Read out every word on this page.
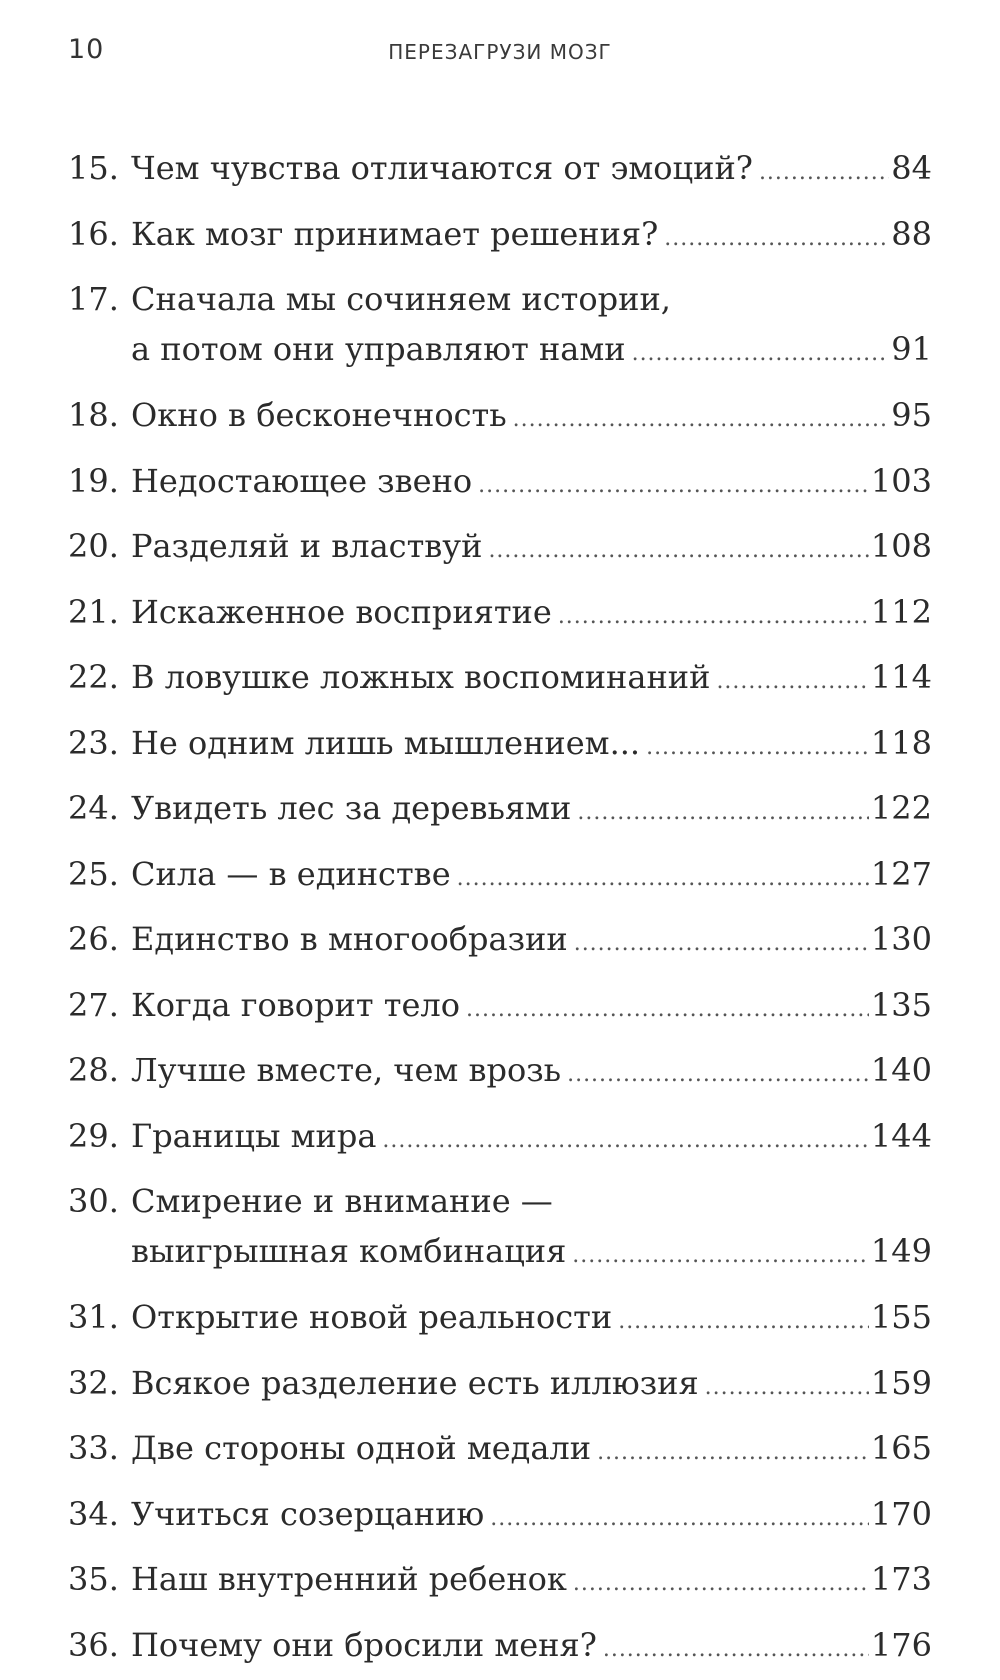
10	ПЕРЕЗАГРУЗИ МОЗГ
15. Чем чувства отличаются от эмоций? . . .	84
16. Как мозг принимает решения? . . .	88
17. Сначала мы сочиняем истории,
а потом они управляют нами . . .	91
18. Окно в бесконечность . . .	95
19. Недостающее звено . . .	103
20. Разделяй и властвуй . . .	108
21. Искаженное восприятие . . .	112
22. В ловушке ложных воспоминаний . . .	114
23. Не одним лишь мышлением... . . .	118
24. Увидеть лес за деревьями . . .	122
25. Сила — в единстве . . .	127
26. Единство в многообразии . . .	130
27. Когда говорит тело . . .	135
28. Лучше вместе, чем врозь . . .	140
29. Границы мира . . .	144
30. Смирение и внимание —
выигрышная комбинация . . .	149
31. Открытие новой реальности . . .	155
32. Всякое разделение есть иллюзия . . .	159
33. Две стороны одной медали . . .	165
34. Учиться созерцанию . . .	170
35. Наш внутренний ребенок . . .	173
36. Почему они бросили меня? . . .	176
